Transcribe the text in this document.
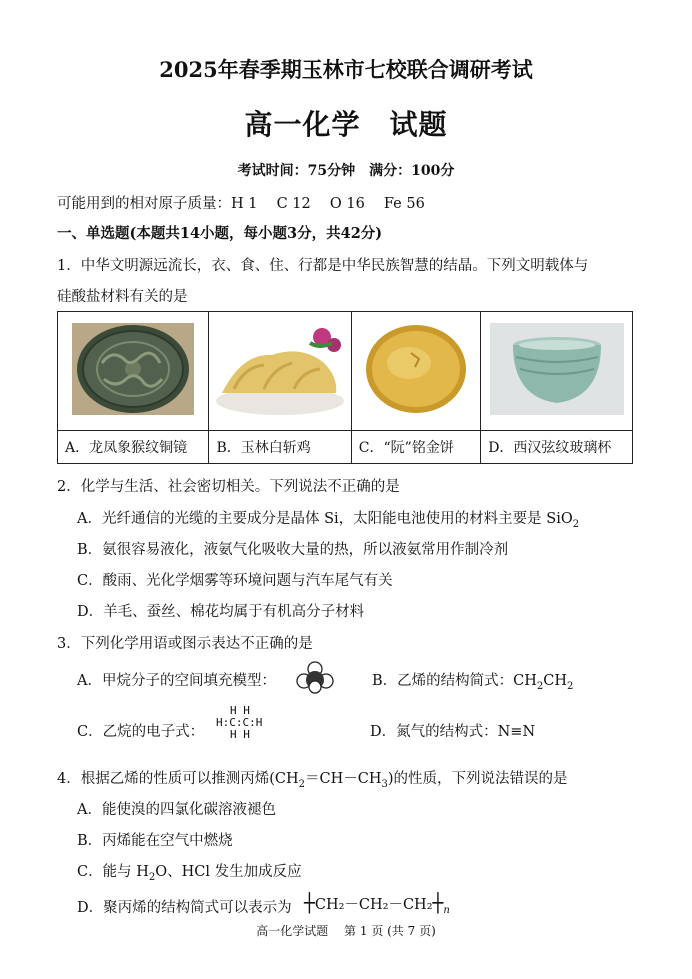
2025年春季期玉林市七校联合调研考试
高一化学　试题
考试时间：75分钟　满分：100分
可能用到的相对原子质量：H 1　 C 12　 O 16　 Fe 56
一、单选题(本题共14小题，每小题3分，共42分)
1．中华文明源远流长，衣、食、住、行都是中华民族智慧的结晶。下列文明载体与
硅酸盐材料有关的是

A．龙凤象猴纹铜镜	B．玉林白斩鸡	C．“阮”铭金饼	D．西汉弦纹玻璃杯
2．化学与生活、社会密切相关。下列说法不正确的是
A．光纤通信的光缆的主要成分是晶体 Si，太阳能电池使用的材料主要是 SiO$_2$
B．氨很容易液化，液氨气化吸收大量的热，所以液氨常用作制冷剂
C．酸雨、光化学烟雾等环境问题与汽车尾气有关
D．羊毛、蚕丝、棉花均属于有机高分子材料
3．下列化学用语或图示表达不正确的是
A．甲烷分子的空间填充模型：	B．乙烯的结构简式：$CH_2CH_2$
C．乙烷的电子式：
H H
H:C:C:H
H H	D．氮气的结构式：N≡N
4．根据乙烯的性质可以推测丙烯$(CH_2=CH-CH_3)$的性质，下列说法错误的是
A．能使溴的四氯化碳溶液褪色
B．丙烯能在空气中燃烧
C．能与 $H_2O$、HCl 发生加成反应
D．聚丙烯的结构简式可以表示为 $┼CH_2-CH_2-CH_2┼_n$
高一化学试题　 第 1 页 (共 7 页)
